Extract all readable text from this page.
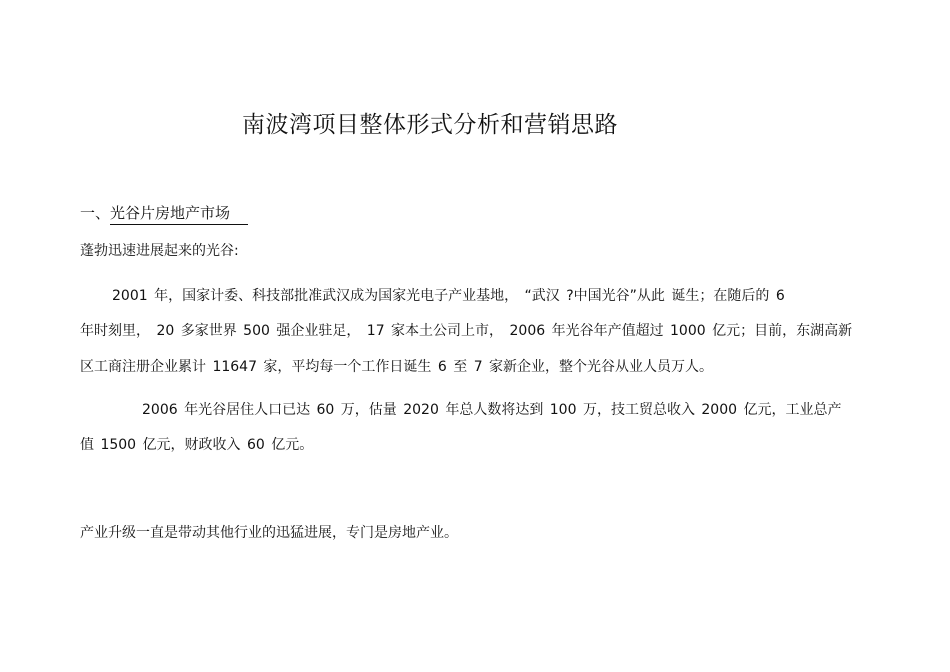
南波湾项目整体形式分析和营销思路
一、光谷片房地产市场
蓬勃迅速进展起来的光谷:
2001 年，国家计委、科技部批准武汉成为国家光电子产业基地， “武汉 ?中国光谷”从此 诞生；在随后的 6
年时刻里， 20 多家世界 500 强企业驻足， 17 家本土公司上市， 2006 年光谷年产值超过 1000 亿元；目前，东湖高新
区工商注册企业累计 11647 家，平均每一个工作日诞生 6 至 7 家新企业，整个光谷从业人员万人。
2006 年光谷居住人口已达 60 万，估量 2020 年总人数将达到 100 万，技工贸总收入 2000 亿元，工业总产
值 1500 亿元，财政收入 60 亿元。
产业升级一直是带动其他行业的迅猛进展，专门是房地产业。
